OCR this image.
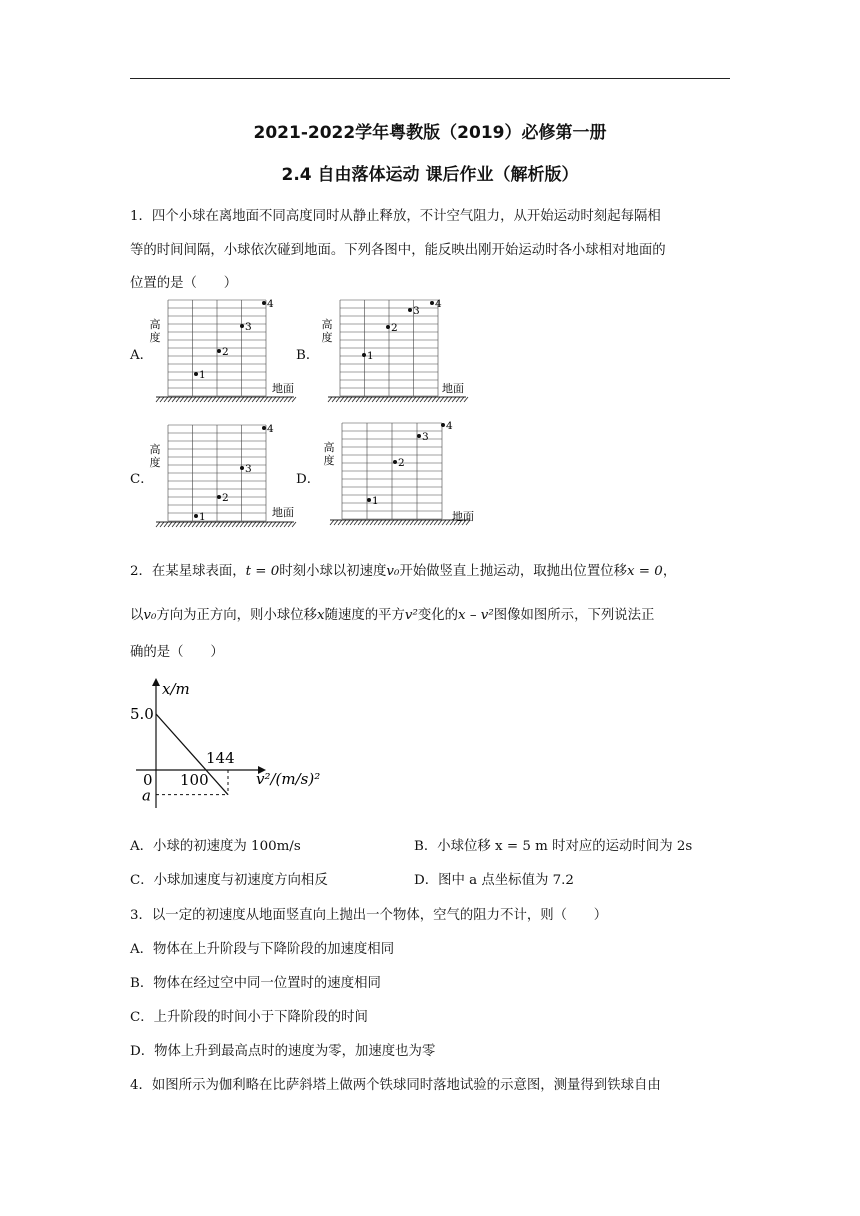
2021-2022学年粤教版（2019）必修第一册
2.4 自由落体运动 课后作业（解析版）
1．四个小球在离地面不同高度同时从静止释放，不计空气阻力，从开始运动时刻起每隔相
等的时间间隔，小球依次碰到地面。下列各图中，能反映出刚开始运动时各小球相对地面的
位置的是（　　）
A．	B．
C．	D．
高
度
地面
1
2
3
4
高
度
地面
1
2
3
4
高
度
地面
1
2
3
4
高
度
地面
1
2
3
4
2．在某星球表面，t = 0时刻小球以初速度v₀开始做竖直上抛运动，取抛出位置位移x = 0，
以v₀方向为正方向，则小球位移x随速度的平方v²变化的x – v²图像如图所示，下列说法正
确的是（　　）
x/m
5.0
0 100
144
a
v²/(m/s)²
A．小球的初速度为 100m/s	B．小球位移 x = 5 m 时对应的运动时间为 2s
C．小球加速度与初速度方向相反	D．图中 a 点坐标值为 7.2
3．以一定的初速度从地面竖直向上抛出一个物体，空气的阻力不计，则（　　）
A．物体在上升阶段与下降阶段的加速度相同
B．物体在经过空中同一位置时的速度相同
C．上升阶段的时间小于下降阶段的时间
D．物体上升到最高点时的速度为零，加速度也为零
4．如图所示为伽利略在比萨斜塔上做两个铁球同时落地试验的示意图，测量得到铁球自由
